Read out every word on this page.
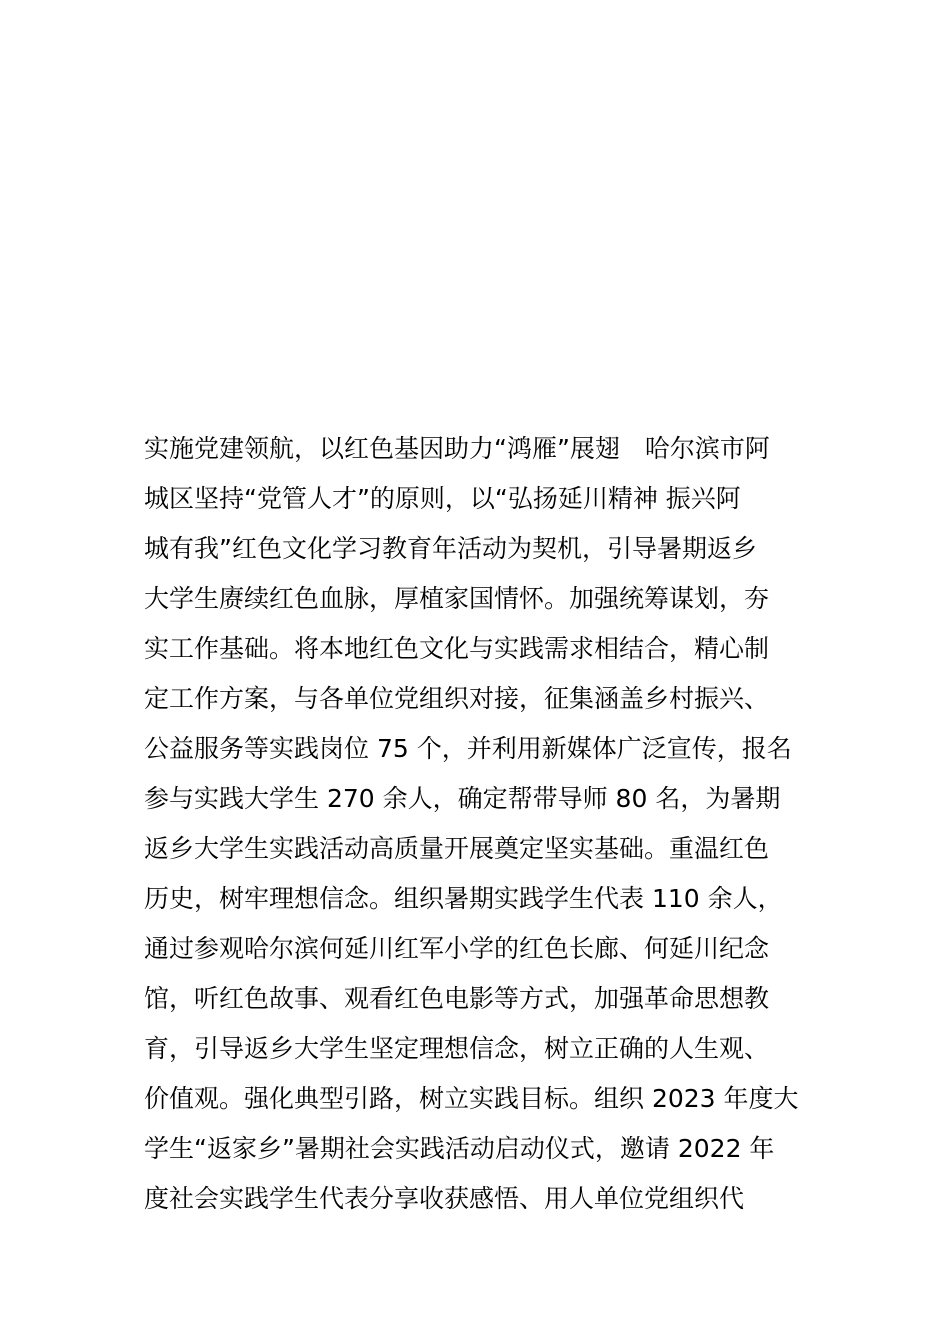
实施党建领航，以红色基因助力“鸿雁”展翅　哈尔滨市阿
城区坚持“党管人才”的原则，以“弘扬延川精神 振兴阿
城有我”红色文化学习教育年活动为契机，引导暑期返乡
大学生赓续红色血脉，厚植家国情怀。加强统筹谋划，夯
实工作基础。将本地红色文化与实践需求相结合，精心制
定工作方案，与各单位党组织对接，征集涵盖乡村振兴、
公益服务等实践岗位 75 个，并利用新媒体广泛宣传，报名
参与实践大学生 270 余人，确定帮带导师 80 名，为暑期
返乡大学生实践活动高质量开展奠定坚实基础。重温红色
历史，树牢理想信念。组织暑期实践学生代表 110 余人，
通过参观哈尔滨何延川红军小学的红色长廊、何延川纪念
馆，听红色故事、观看红色电影等方式，加强革命思想教
育，引导返乡大学生坚定理想信念，树立正确的人生观、
价值观。强化典型引路，树立实践目标。组织 2023 年度大
学生“返家乡”暑期社会实践活动启动仪式，邀请 2022 年
度社会实践学生代表分享收获感悟、用人单位党组织代
